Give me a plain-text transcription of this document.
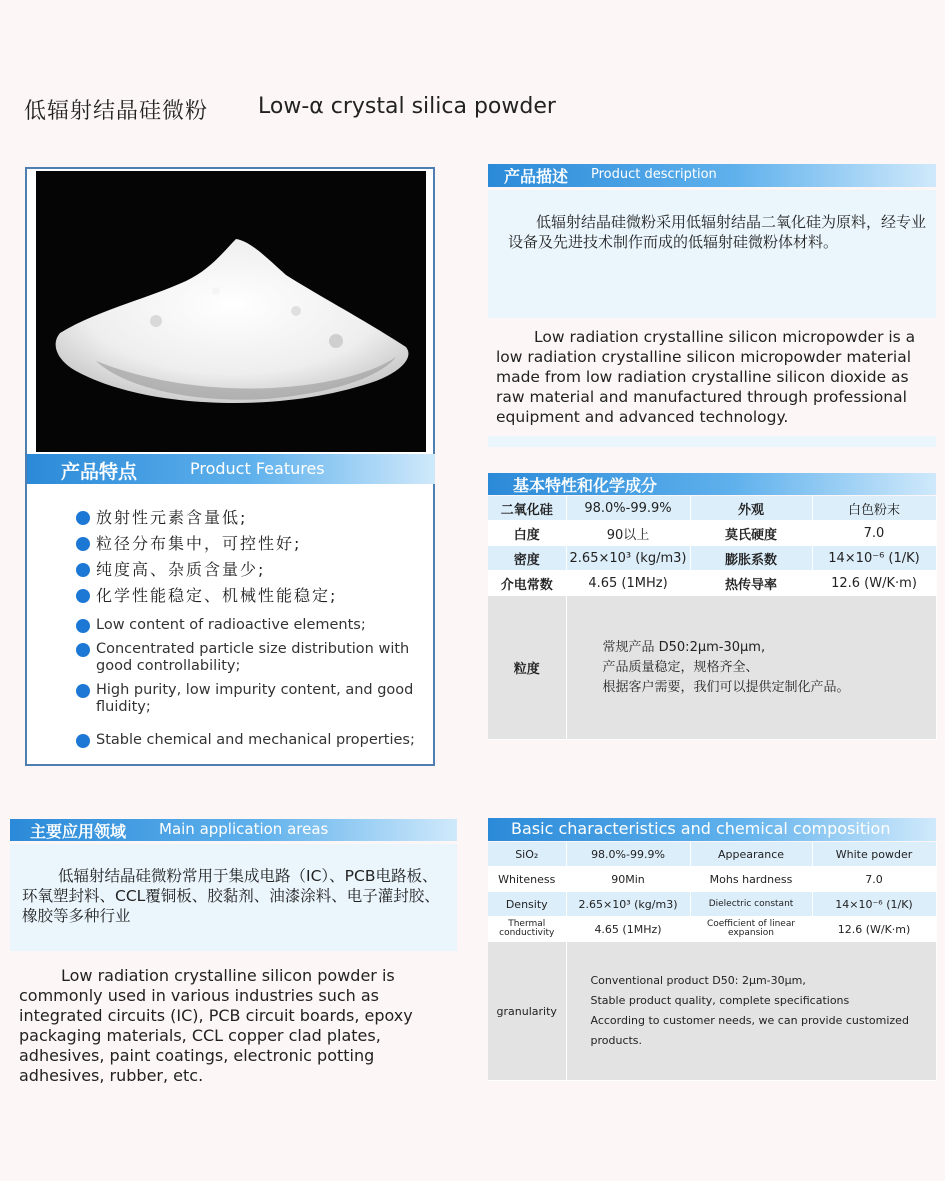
低辐射结晶硅微粉 Low-α crystal silica powder
产品特点	Product Features
放射性元素含量低;
粒径分布集中，可控性好;
纯度高、杂质含量少;
化学性能稳定、机械性能稳定;
Low content of radioactive elements;
Concentrated particle size distribution with good controllability;
High purity, low impurity content, and good fluidity;
Stable chemical and mechanical properties;
产品描述 Product description
低辐射结晶硅微粉采用低辐射结晶二氧化硅为原料，经专业设备及先进技术制作而成的低辐射硅微粉体材料。
Low radiation crystalline silicon micropowder is a low radiation crystalline silicon micropowder material made from low radiation crystalline silicon dioxide as raw material and manufactured through professional equipment and advanced technology.
基本特性和化学成分
二氧化硅	98.0%-99.9%	外观	白色粉末
白度	90以上	莫氏硬度	7.0
密度	2.65×10³ (kg/m3)	膨胀系数	14×10⁻⁶ (1/K)
介电常数	4.65 (1MHz)	热传导率	12.6 (W/K·m)
粒度	常规产品 D50:2μm-30μm,
产品质量稳定，规格齐全、
根据客户需要，我们可以提供定制化产品。		
主要应用领域 Main application areas
低辐射结晶硅微粉常用于集成电路（IC）、PCB电路板、环氧塑封料、CCL覆铜板、胶黏剂、油漆涂料、电子灌封胶、橡胶等多种行业
Low radiation crystalline silicon powder is commonly used in various industries such as integrated circuits (IC), PCB circuit boards, epoxy packaging materials, CCL copper clad plates, adhesives, paint coatings, electronic potting adhesives, rubber, etc.
Basic characteristics and chemical composition
SiO₂	98.0%-99.9%	Appearance	White powder
Whiteness	90Min	Mohs hardness	7.0
Density	2.65×10³ (kg/m3)	Dielectric constant	14×10⁻⁶ (1/K)
Thermal conductivity	4.65 (1MHz)	Coefficient of linear expansion	12.6 (W/K·m)
granularity	Conventional product D50: 2μm-30μm,
Stable product quality, complete specifications
According to customer needs, we can provide customized
products.		
